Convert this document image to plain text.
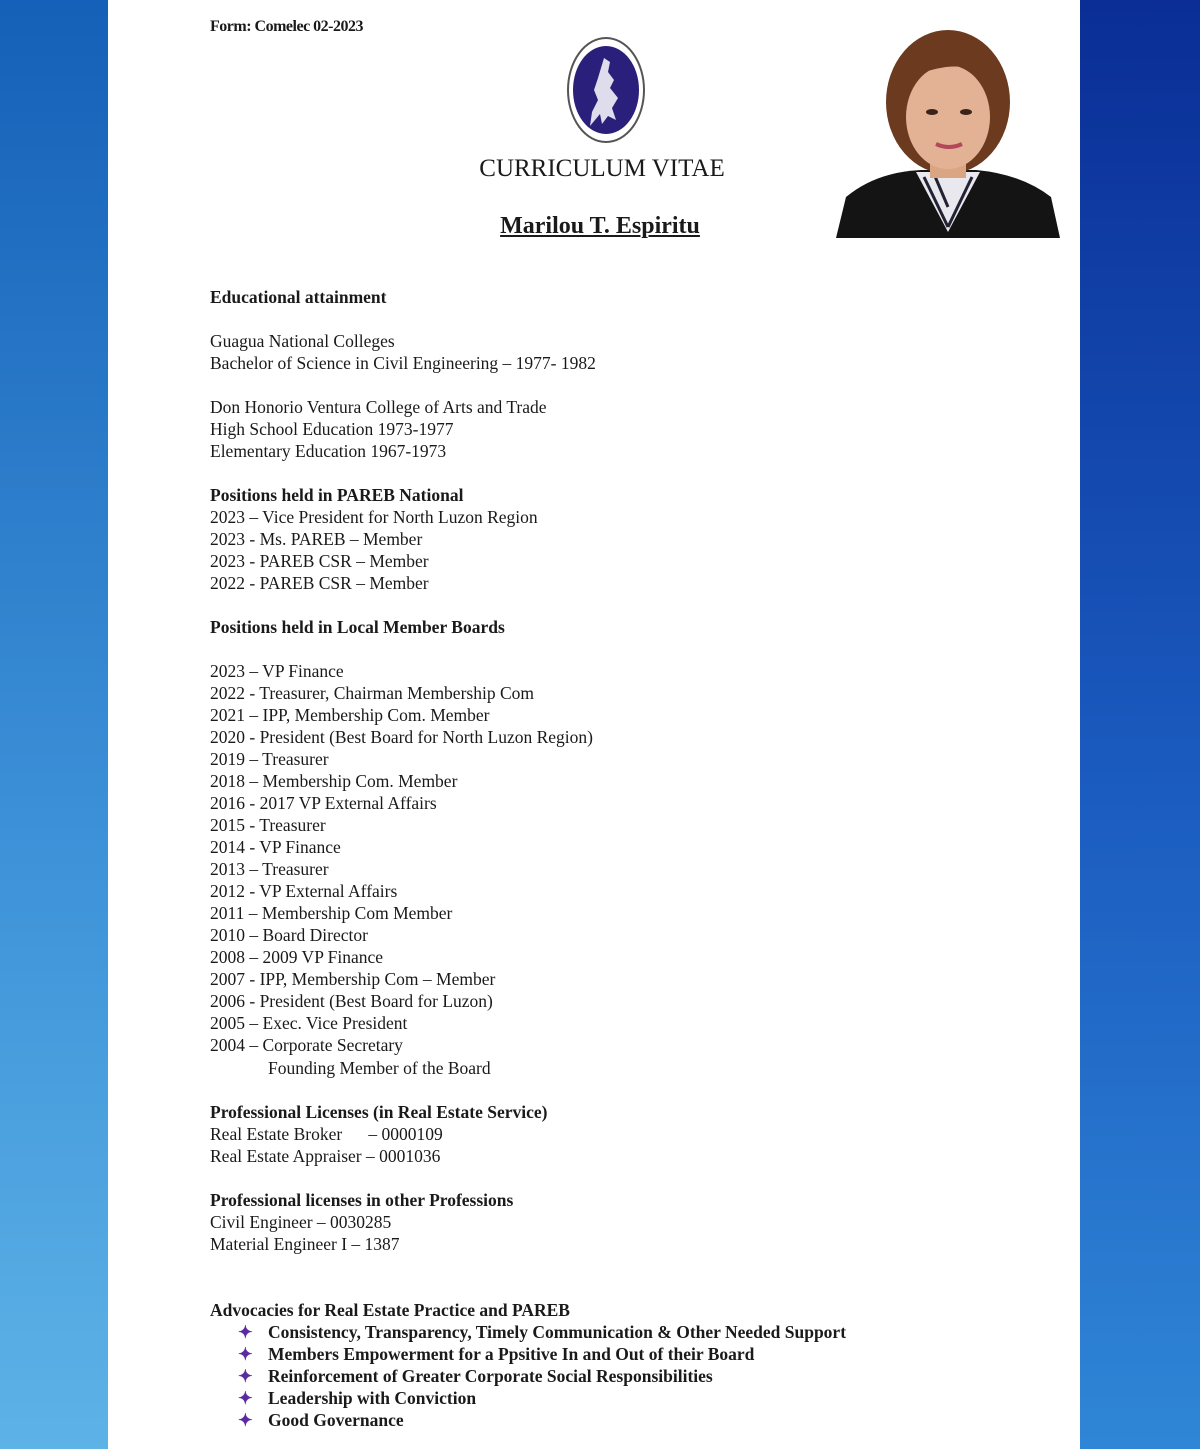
Form: Comelec 02-2023
CURRICULUM VITAE
Marilou T. Espiritu
Educational attainment
Guagua National Colleges
Bachelor of Science in Civil Engineering – 1977- 1982
Don Honorio Ventura College of Arts and Trade
High School Education 1973-1977
Elementary Education 1967-1973
Positions held in PAREB National
2023 – Vice President for North Luzon Region
2023 - Ms. PAREB – Member
2023 - PAREB CSR – Member
2022 - PAREB CSR – Member
Positions held in Local Member Boards
2023 – VP Finance
2022 - Treasurer, Chairman Membership Com
2021 – IPP, Membership Com. Member
2020 - President (Best Board for North Luzon Region)
2019 – Treasurer
2018 – Membership Com. Member
2016 - 2017 VP External Affairs
2015 - Treasurer
2014 - VP Finance
2013 – Treasurer
2012 - VP External Affairs
2011 – Membership Com Member
2010 – Board Director
2008 – 2009 VP Finance
2007 - IPP, Membership Com – Member
2006 - President (Best Board for Luzon)
2005 – Exec. Vice President
2004 – Corporate Secretary
Founding Member of the Board
Professional Licenses (in Real Estate Service)
Real Estate Broker      – 0000109
Real Estate Appraiser – 0001036
Professional licenses in other Professions
Civil Engineer – 0030285
Material Engineer I – 1387
Advocacies for Real Estate Practice and PAREB
✦ Consistency, Transparency, Timely Communication & Other Needed Support
✦ Members Empowerment for a Ppsitive In and Out of their Board
✦ Reinforcement of Greater Corporate Social Responsibilities
✦ Leadership with Conviction
✦ Good Governance
